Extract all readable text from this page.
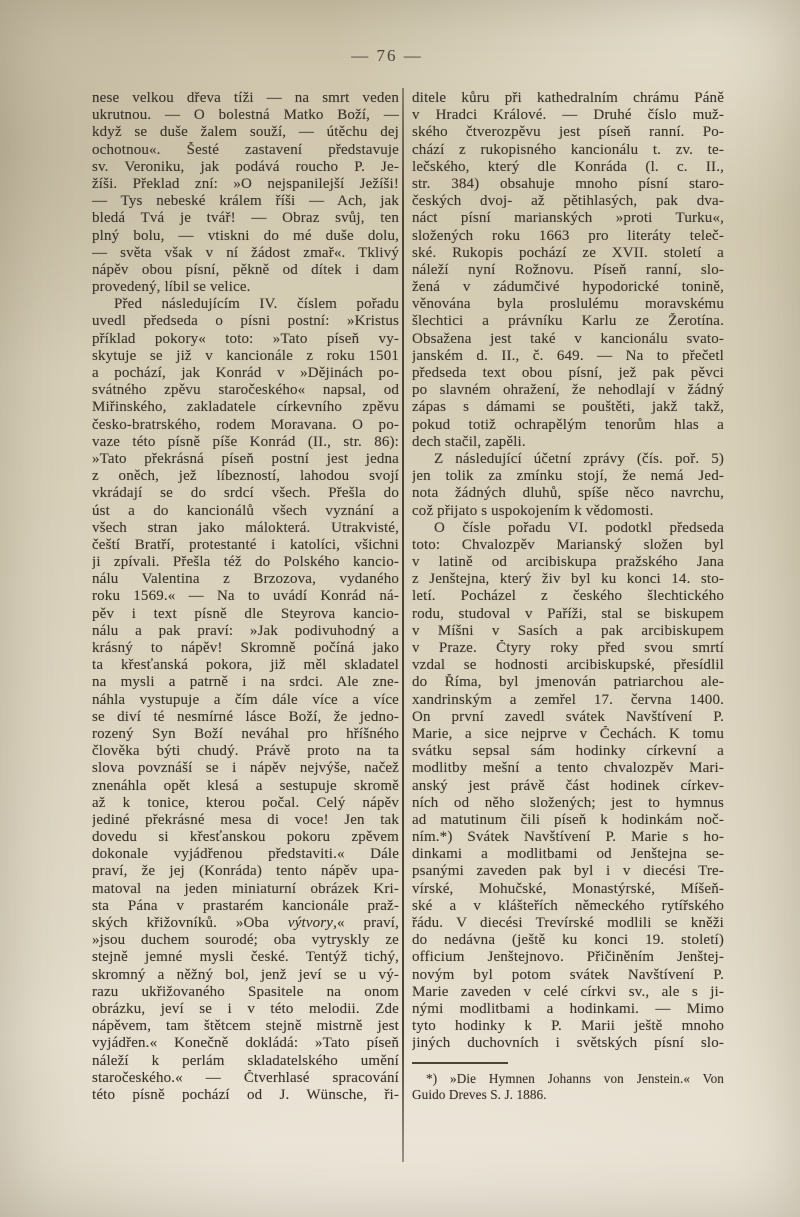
— 76 —
nese velkou dřeva tíži — na smrt veden
ukrutnou. — O bolestná Matko Boží, —
když se duše žalem souží, — útěchu dej
ochotnou«. Šesté zastavení představuje
sv. Veroniku, jak podává roucho P. Je-
žíši. Překlad zní: »O nejspanilejší Ježíši!
— Tys nebeské králem říši — Ach, jak
bledá Tvá je tvář! — Obraz svůj, ten
plný bolu, — vtiskni do mé duše dolu,
— světa však v ní žádost zmař«. Tklivý
nápěv obou písní, pěkně od dítek i dam
provedený, líbil se velice.
Před následujícím IV. číslem pořadu
uvedl předseda o písni postní: »Kristus
příklad pokory« toto: »Tato píseň vy-
skytuje se již v kancionále z roku 1501
a pochází, jak Konrád v »Dějinách po-
svátného zpěvu staročeského« napsal, od
Miřinského, zakladatele církevního zpěvu
česko-bratrského, rodem Moravana. O po-
vaze této písně píše Konrád (II., str. 86):
»Tato překrásná píseň postní jest jedna
z oněch, jež líbezností, lahodou svojí
vkrádají se do srdcí všech. Přešla do
úst a do kancionálů všech vyznání a
všech stran jako málokterá. Utrakvisté,
čeští Bratří, protestanté i katolíci, všichni
ji zpívali. Přešla též do Polského kancio-
nálu Valentina z Brzozova, vydaného
roku 1569.« — Na to uvádí Konrád ná-
pěv i text písně dle Steyrova kancio-
nálu a pak praví: »Jak podivuhodný a
krásný to nápěv! Skromně počíná jako
ta křesťanská pokora, již měl skladatel
na mysli a patrně i na srdci. Ale zne-
náhla vystupuje a čím dále více a více
se diví té nesmírné lásce Boží, že jedno-
rozený Syn Boží neváhal pro hříšného
člověka býti chudý. Právě proto na ta
slova povznáší se i nápěv nejvýše, načež
znenáhla opět klesá a sestupuje skromě
až k tonice, kterou počal. Celý nápěv
jediné překrásné mesa di voce! Jen tak
dovedu si křesťanskou pokoru zpěvem
dokonale vyjádřenou představiti.« Dále
praví, že jej (Konráda) tento nápěv upa-
matoval na jeden miniaturní obrázek Kri-
sta Pána v prastarém kancionále praž-
ských křižovníků. »Oba výtvory,« praví,
»jsou duchem sourodé; oba vytryskly ze
stejně jemné mysli české. Tentýž tichý,
skromný a něžný bol, jenž jeví se u vý-
razu ukřižovaného Spasitele na onom
obrázku, jeví se i v této melodii. Zde
nápěvem, tam štětcem stejně mistrně jest
vyjádřen.« Konečně dokládá: »Tato píseň
náleží k perlám skladatelského umění
staročeského.« — Čtverhlasé spracování
této písně pochází od J. Wünsche, ři-
ditele kůru při kathedralním chrámu Páně
v Hradci Králové. — Druhé číslo muž-
ského čtverozpěvu jest píseň ranní. Po-
chází z rukopisného kancionálu t. zv. te-
lečského, který dle Konráda (l. c. II.,
str. 384) obsahuje mnoho písní staro-
českých dvoj- až pětihlasých, pak dva-
náct písní marianských »proti Turku«,
složených roku 1663 pro literáty teleč-
ské. Rukopis pochází ze XVII. století a
náleží nyní Rožnovu. Píseň ranní, slo-
žená v zádumčivé hypodorické tonině,
věnována byla proslulému moravskému
šlechtici a právníku Karlu ze Žerotína.
Obsažena jest také v kancionálu svato-
janském d. II., č. 649. — Na to přečetl
předseda text obou písní, jež pak pěvci
po slavném ohražení, že nehodlají v žádný
zápas s dámami se pouštěti, jakž takž,
pokud totiž ochrapělým tenorům hlas a
dech stačil, zapěli.
Z následující účetní zprávy (čís. poř. 5)
jen tolik za zmínku stojí, že nemá Jed-
nota žádných dluhů, spíše něco navrchu,
což přijato s uspokojením k vědomosti.
O čísle pořadu VI. podotkl předseda
toto: Chvalozpěv Marianský složen byl
v latině od arcibiskupa pražského Jana
z Jenštejna, který živ byl ku konci 14. sto-
letí. Pocházel z českého šlechtického
rodu, studoval v Paříži, stal se biskupem
v Míšni v Sasích a pak arcibiskupem
v Praze. Čtyry roky před svou smrtí
vzdal se hodnosti arcibiskupské, přesídlil
do Říma, byl jmenován patriarchou ale-
xandrinským a zemřel 17. června 1400.
On první zavedl svátek Navštívení P.
Marie, a sice nejprve v Čechách. K tomu
svátku sepsal sám hodinky církevní a
modlitby mešní a tento chvalozpěv Mari-
anský jest právě část hodinek církev-
ních od něho složených; jest to hymnus
ad matutinum čili píseň k hodinkám noč-
ním.*) Svátek Navštívení P. Marie s ho-
dinkami a modlitbami od Jenštejna se-
psanými zaveden pak byl i v diecési Tre-
vírské, Mohučské, Monastýrské, Míšeň-
ské a v klášteřích německého rytířského
řádu. V diecési Trevírské modlili se kněži
do nedávna (ještě ku konci 19. století)
officium Jenštejnovo. Přičiněním Jenštej-
novým byl potom svátek Navštívení P.
Marie zaveden v celé církvi sv., ale s ji-
nými modlitbami a hodinkami. — Mimo
tyto hodinky k P. Marii ještě mnoho
jiných duchovních i světských písní slo-
*) »Die Hymnen Johanns von Jenstein.« Von
Guido Dreves S. J. 1886.
